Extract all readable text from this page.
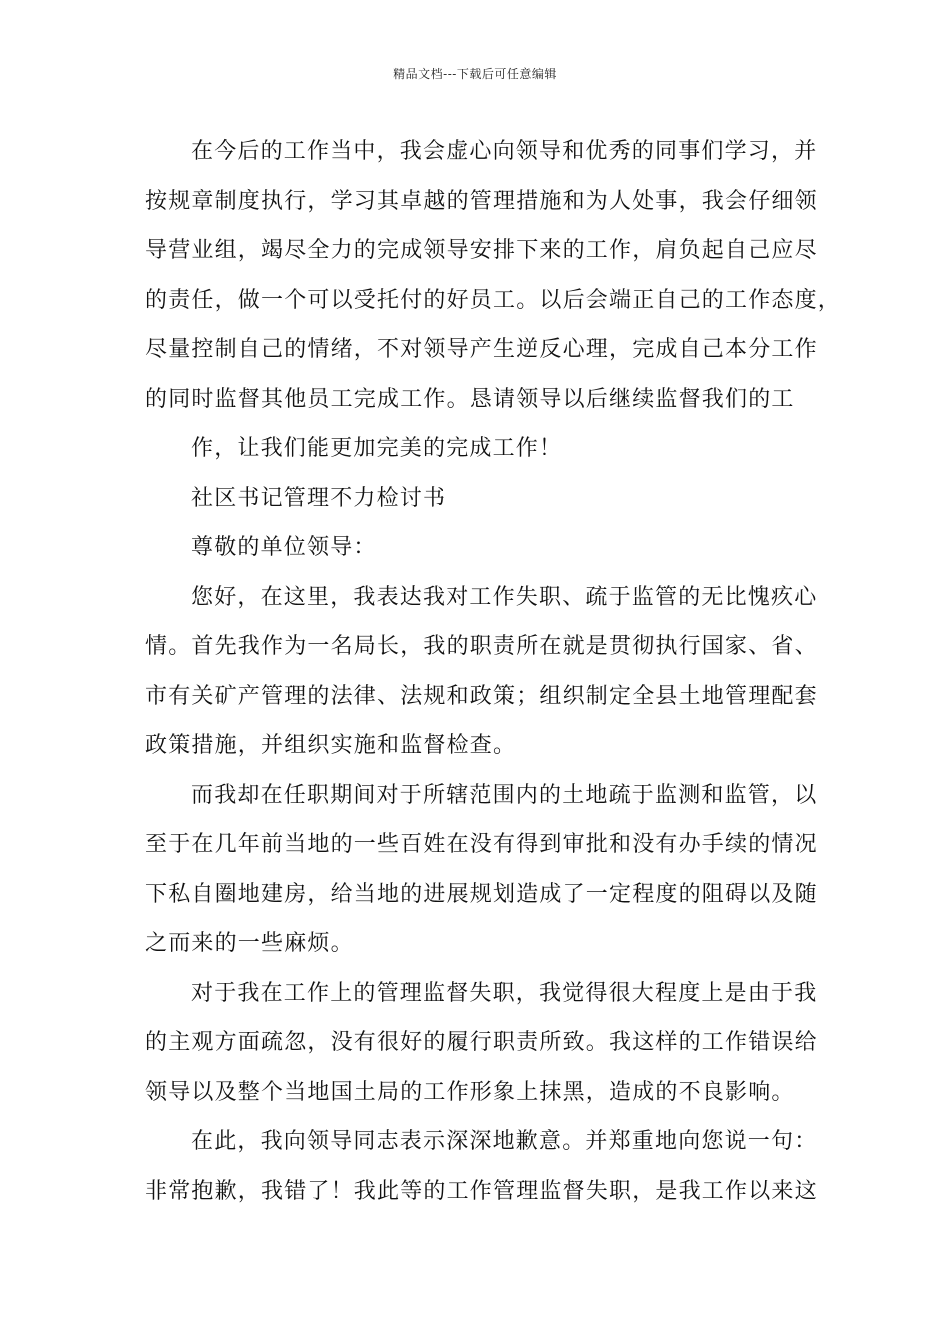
精品文档---下载后可任意编辑

在今后的工作当中，我会虚心向领导和优秀的同事们学习，并
按规章制度执行，学习其卓越的管理措施和为人处事，我会仔细领
导营业组，竭尽全力的完成领导安排下来的工作，肩负起自己应尽
的责任，做一个可以受托付的好员工。以后会端正自己的工作态度，
尽量控制自己的情绪，不对领导产生逆反心理，完成自己本分工作
的同时监督其他员工完成工作。恳请领导以后继续监督我们的工

作，让我们能更加完美的完成工作！

社区书记管理不力检讨书

尊敬的单位领导：

您好，在这里，我表达我对工作失职、疏于监管的无比愧疚心
情。首先我作为一名局长，我的职责所在就是贯彻执行国家、省、
市有关矿产管理的法律、法规和政策；组织制定全县土地管理配套
政策措施，并组织实施和监督检查。

而我却在任职期间对于所辖范围内的土地疏于监测和监管，以
至于在几年前当地的一些百姓在没有得到审批和没有办手续的情况
下私自圈地建房，给当地的进展规划造成了一定程度的阻碍以及随
之而来的一些麻烦。

对于我在工作上的管理监督失职，我觉得很大程度上是由于我
的主观方面疏忽，没有很好的履行职责所致。我这样的工作错误给
领导以及整个当地国土局的工作形象上抹黑，造成的不良影响。

在此，我向领导同志表示深深地歉意。并郑重地向您说一句：
非常抱歉，我错了！我此等的工作管理监督失职，是我工作以来这
